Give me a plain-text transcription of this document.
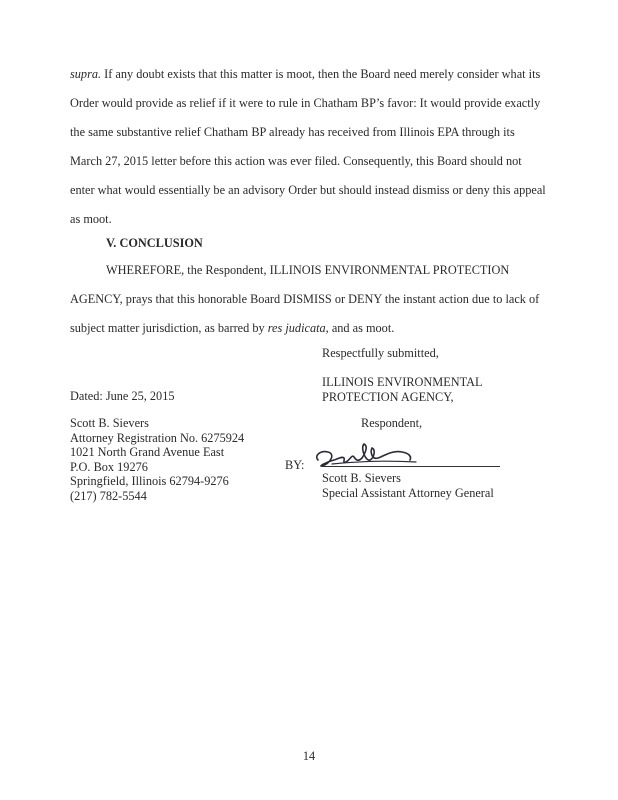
supra. If any doubt exists that this matter is moot, then the Board need merely consider what its
Order would provide as relief if it were to rule in Chatham BP’s favor: It would provide exactly
the same substantive relief Chatham BP already has received from Illinois EPA through its
March 27, 2015 letter before this action was ever filed. Consequently, this Board should not
enter what would essentially be an advisory Order but should instead dismiss or deny this appeal
as moot.

V. CONCLUSION

WHEREFORE, the Respondent, ILLINOIS ENVIRONMENTAL PROTECTION
AGENCY, prays that this honorable Board DISMISS or DENY the instant action due to lack of
subject matter jurisdiction, as barred by res judicata, and as moot.
Respectfully submitted,
ILLINOIS ENVIRONMENTAL
PROTECTION AGENCY,
Dated: June 25, 2015
Respondent,
Scott B. Sievers
Attorney Registration No. 6275924
1021 North Grand Avenue East
P.O. Box 19276
Springfield, Illinois 62794-9276
(217) 782-5544
BY:
Scott B. Sievers
Special Assistant Attorney General
14
